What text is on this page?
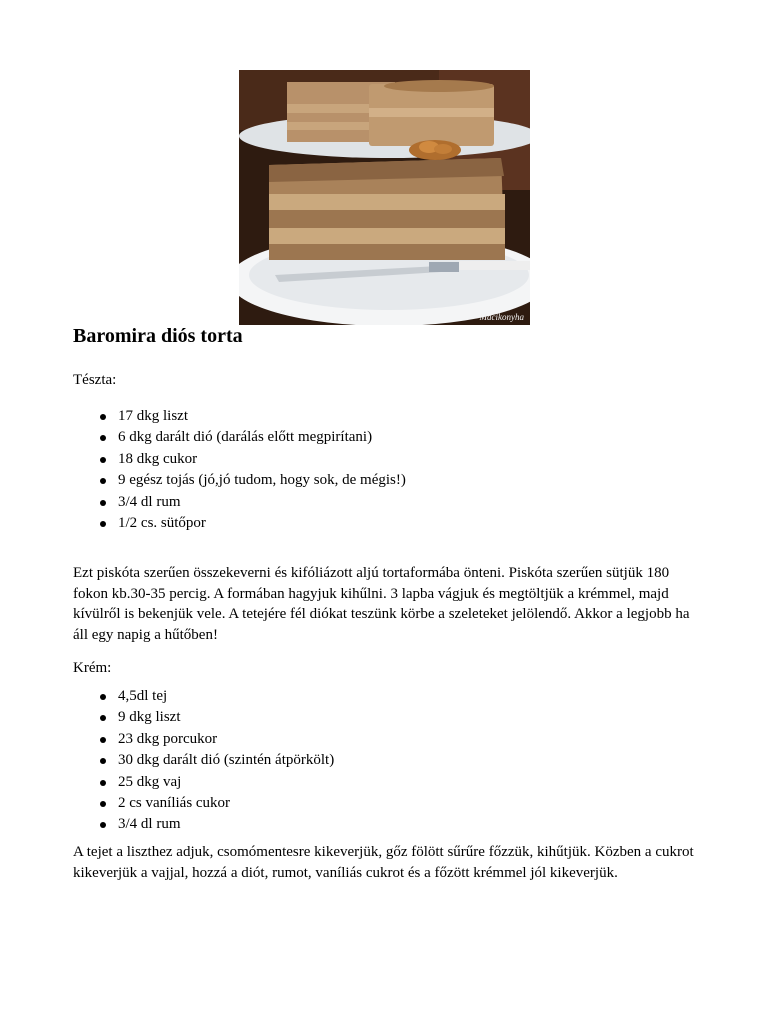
Macikonyha
Baromira diós torta

Tészta:

17 dkg liszt
6 dkg darált dió (darálás előtt megpirítani)
18 dkg cukor
9 egész tojás (jó,jó tudom, hogy sok, de mégis!)
3/4 dl rum
1/2 cs. sütőpor

Ezt piskóta szerűen összekeverni és kifóliázott aljú tortaformába önteni. Piskóta szerűen sütjük 180 fokon kb.30-35 percig. A formában hagyjuk kihűlni. 3 lapba vágjuk és megtöltjük a krémmel, majd kívülről is bekenjük vele. A tetejére fél diókat teszünk körbe a szeleteket jelölendő. Akkor a legjobb ha áll egy napig a hűtőben!

Krém:

4,5dl tej
9 dkg liszt
23 dkg porcukor
30 dkg darált dió (szintén átpörkölt)
25 dkg vaj
2 cs vaníliás cukor
3/4 dl rum

A tejet a liszthez adjuk, csomómentesre kikeverjük, gőz fölött sűrűre főzzük, kihűtjük. Közben a cukrot kikeverjük a vajjal, hozzá a diót, rumot, vaníliás cukrot és a főzött krémmel jól kikeverjük.
